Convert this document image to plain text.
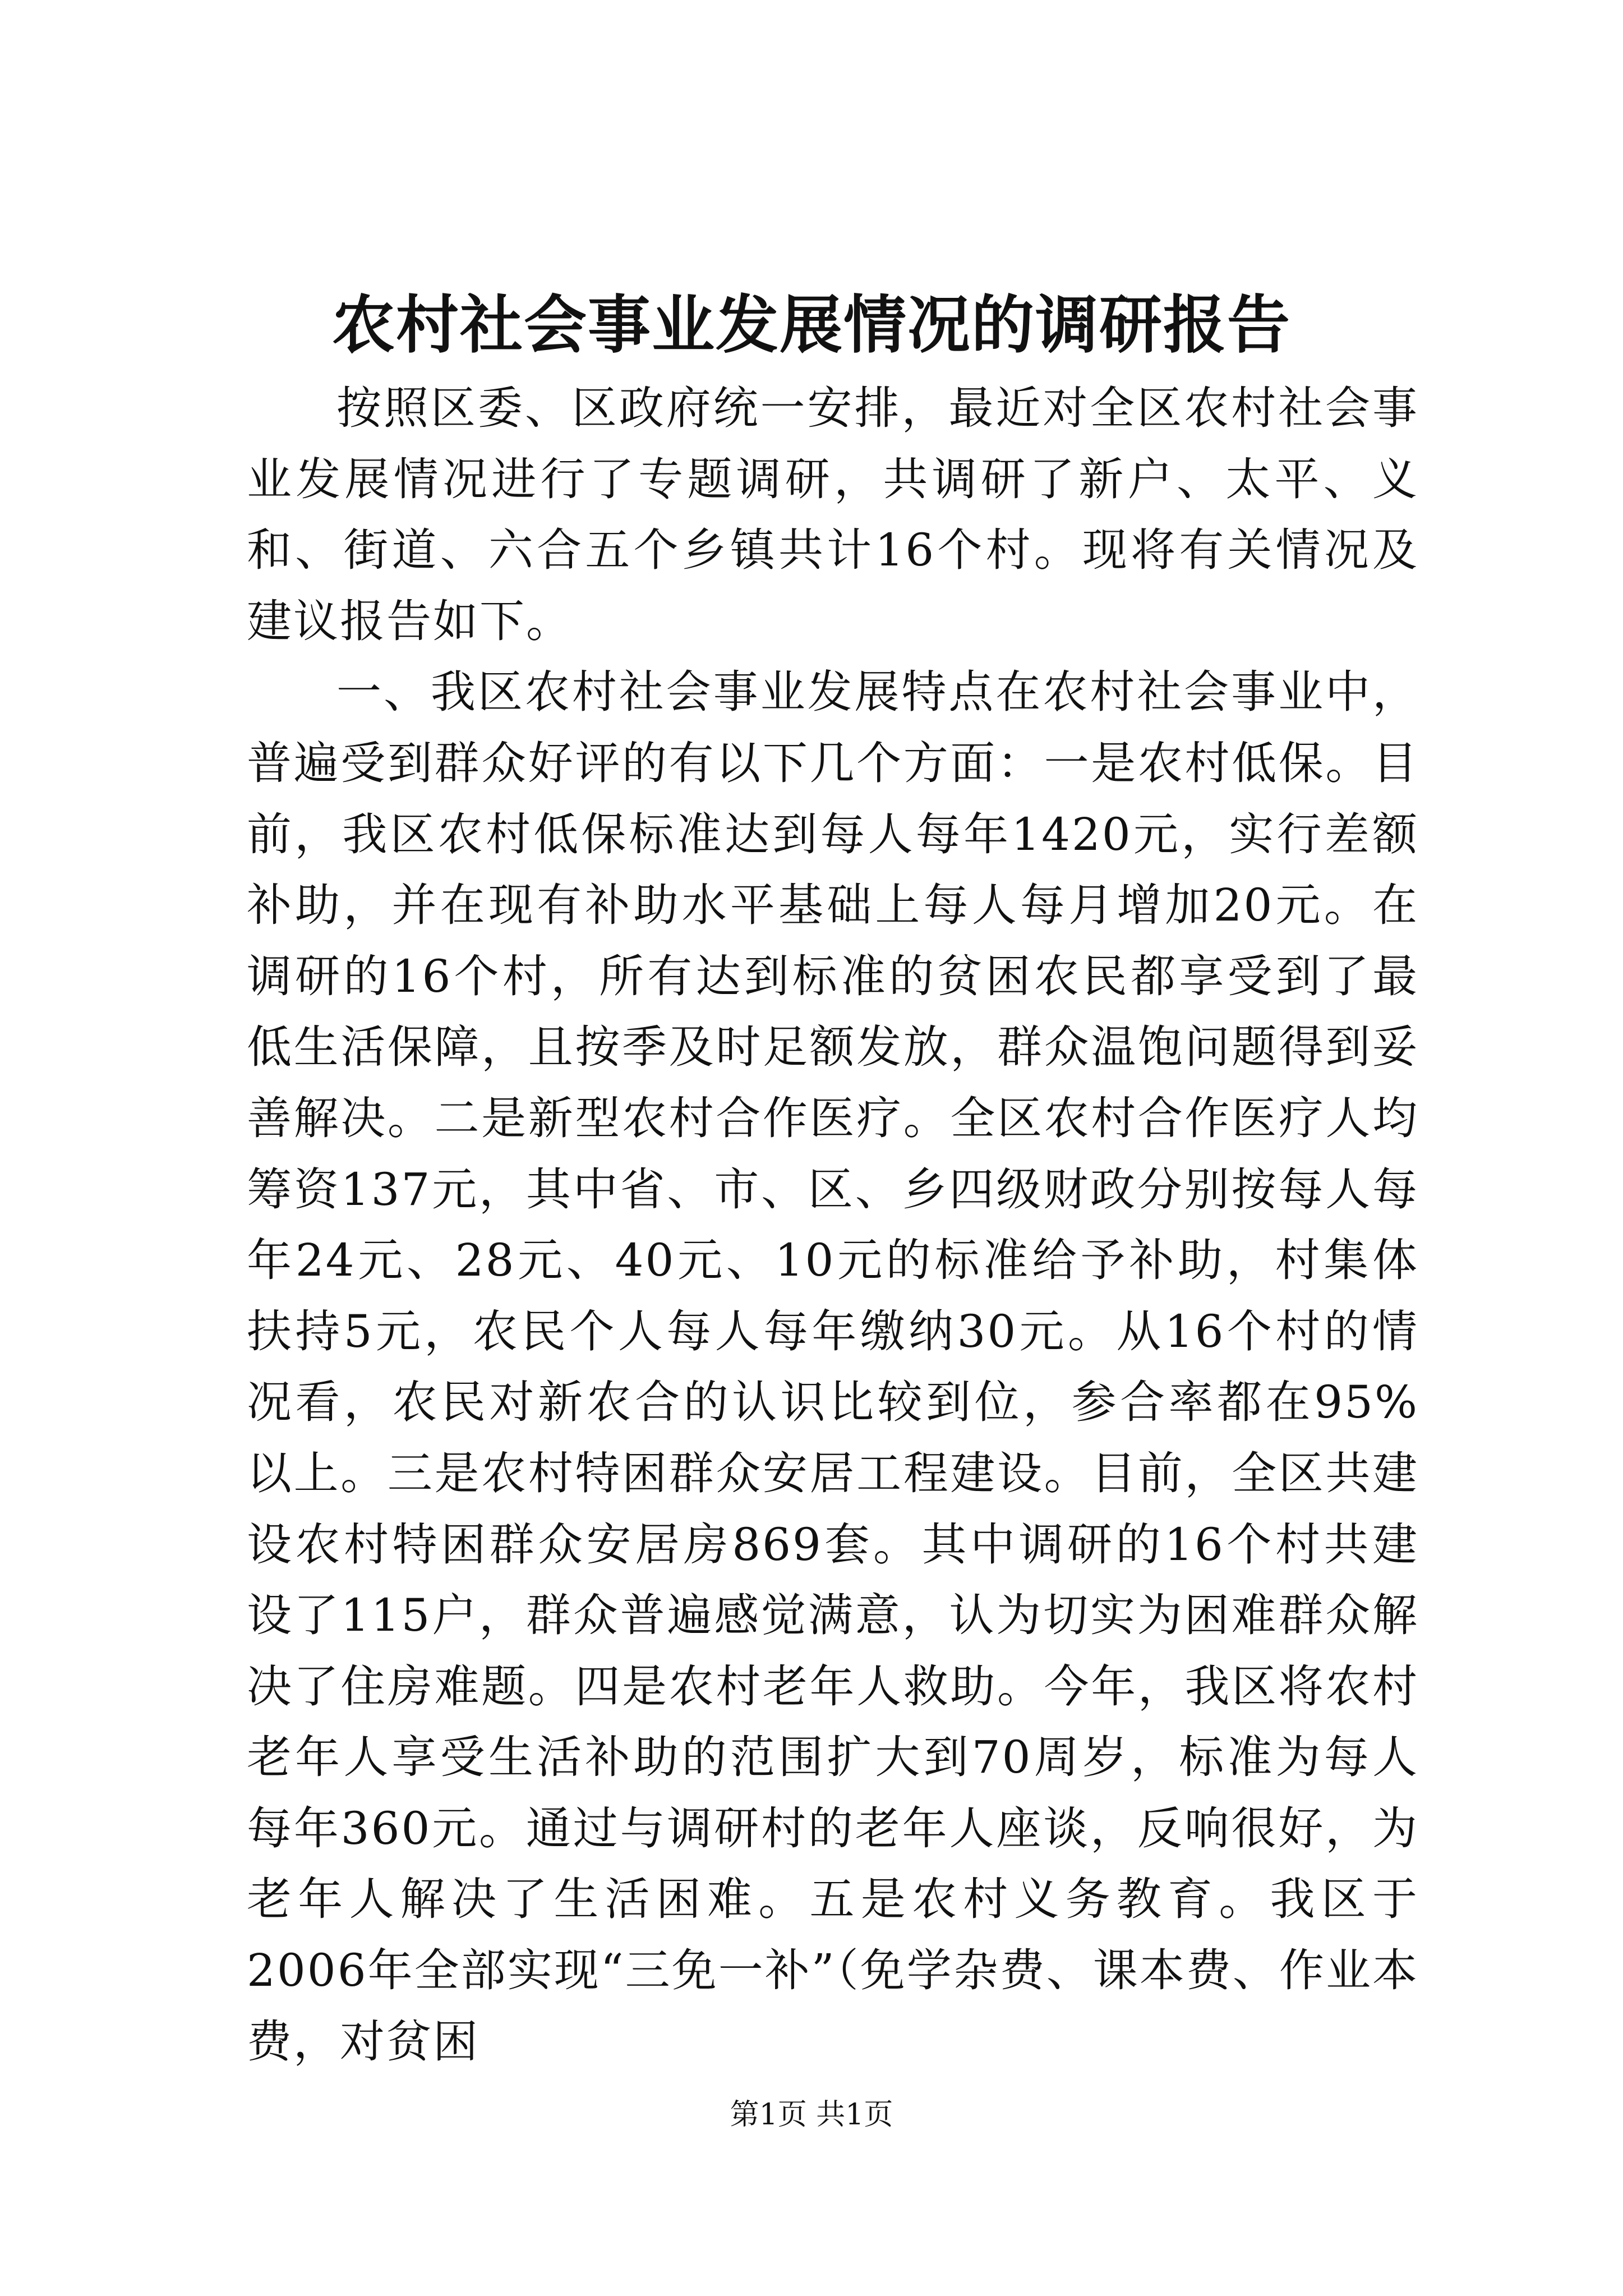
农村社会事业发展情况的调研报告

按照区委、区政府统一安排，最近对全区农村社会事业发展情况进行了专题调研，共调研了新户、太平、义和、街道、六合五个乡镇共计16个村。现将有关情况及建议报告如下。

一、我区农村社会事业发展特点在农村社会事业中，普遍受到群众好评的有以下几个方面：一是农村低保。目前，我区农村低保标准达到每人每年1420元，实行差额补助，并在现有补助水平基础上每人每月增加20元。在调研的16个村，所有达到标准的贫困农民都享受到了最低生活保障，且按季及时足额发放，群众温饱问题得到妥善解决。二是新型农村合作医疗。全区农村合作医疗人均筹资137元，其中省、市、区、乡四级财政分别按每人每年24元、28元、40元、10元的标准给予补助，村集体扶持5元，农民个人每人每年缴纳30元。从16个村的情况看，农民对新农合的认识比较到位，参合率都在95%以上。三是农村特困群众安居工程建设。目前，全区共建设农村特困群众安居房869套。其中调研的16个村共建设了115户，群众普遍感觉满意，认为切实为困难群众解决了住房难题。四是农村老年人救助。今年，我区将农村老年人享受生活补助的范围扩大到70周岁，标准为每人每年360元。通过与调研村的老年人座谈，反响很好，为老年人解决了生活困难。五是农村义务教育。我区于2006年全部实现“三免一补”（免学杂费、课本费、作业本费，对贫困

第1页 共1页
